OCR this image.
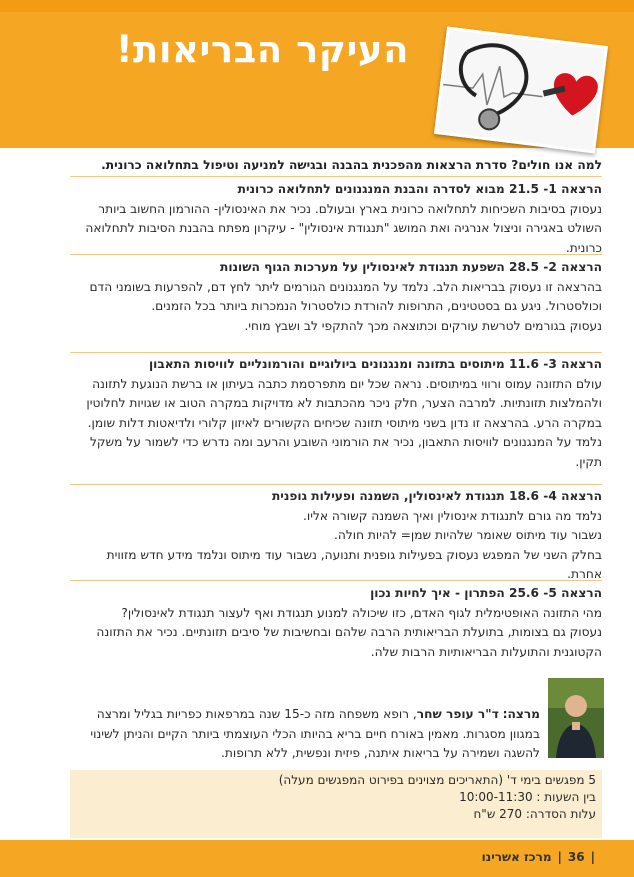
העיקר הבריאות!
למה אנו חולים? סדרת הרצאות מהפכנית בהבנה ובגישה למניעה וטיפול בתחלואה כרונית.

הרצאה 1- 21.5 מבוא לסדרה והבנת המנגנונים לתחלואה כרונית

נעסוק בסיבות השכיחות לתחלואה כרונית בארץ ובעולם. נכיר את האינסולין- ההורמון החשוב ביותר השולט באגירה וניצול אנרגיה ואת המושג "תנגודת אינסולין" - עיקרון מפתח בהבנת הסיבות לתחלואה כרונית.

הרצאה 2- 28.5 השפעת תנגודת לאינסולין על מערכות הגוף השונות

בהרצאה זו נעסוק בבריאות הלב. נלמד על המנגנונים הגורמים ליתר לחץ דם, להפרעות בשומני הדם וכולסטרול. ניגע גם בסטטינים, התרופות להורדת כולסטרול הנמכרות ביותר בכל הזמנים.

נעסוק בגורמים לטרשת עורקים וכתוצאה מכך להתקפי לב ושבץ מוחי.

הרצאה 3- 11.6 מיתוסים בתזונה ומנגנונים ביולוגיים והורמונליים לוויסות התאבון

עולם התזונה עמוס ורווי במיתוסים. נראה שכל יום מתפרסמת כתבה בעיתון או ברשת הנוגעת לתזונה ולהמלצות תזונתיות. למרבה הצער, חלק ניכר מהכתבות לא מדויקות במקרה הטוב או שגויות לחלוטין במקרה הרע. בהרצאה זו נדון בשני מיתוסי תזונה שכיחים הקשורים לאיזון קלורי ולדיאטות דלות שומן.

נלמד על המנגנונים לוויסות התאבון, נכיר את הורמוני השובע והרעב ומה נדרש כדי לשמור על משקל תקין.

הרצאה 4- 18.6 תנגודת לאינסולין, השמנה ופעילות גופנית

נלמד מה גורם לתנגודת אינסולין ואיך השמנה קשורה אליו.

נשבור עוד מיתוס שאומר שלהיות שמן= להיות חולה.

בחלק השני של המפגש נעסוק בפעילות גופנית ותנועה, נשבור עוד מיתוס ונלמד מידע חדש מזווית אחרת.

הרצאה 5- 25.6 הפתרון - איך לחיות נכון

מהי התזונה האופטימלית לגוף האדם, כזו שיכולה למנוע תנגודת ואף לעצור תנגודת לאינסולין?

נעסוק גם בצומות, בתועלת הבריאותית הרבה שלהם ובחשיבות של סיבים תזונתיים. נכיר את התזונה הקטוגנית והתועלות הבריאותיות הרבות שלה.

מרצה: ד"ר עופר שחר, רופא משפחה מזה כ-15 שנה במרפאות כפריות בגליל ומרצה במגוון מסגרות. מאמין באורח חיים בריא בהיותו הכלי העוצמתי ביותר הקיים והניתן לשינוי להשגה ושמירה על בריאות איתנה, פיזית ונפשית, ללא תרופות.
5 מפגשים בימי ד' (התאריכים מצוינים בפירוט המפגשים מעלה)
בין השעות : 10:00-11:30
עלות הסדרה: 270 ש"ח
|36|מרכז אשרינו
